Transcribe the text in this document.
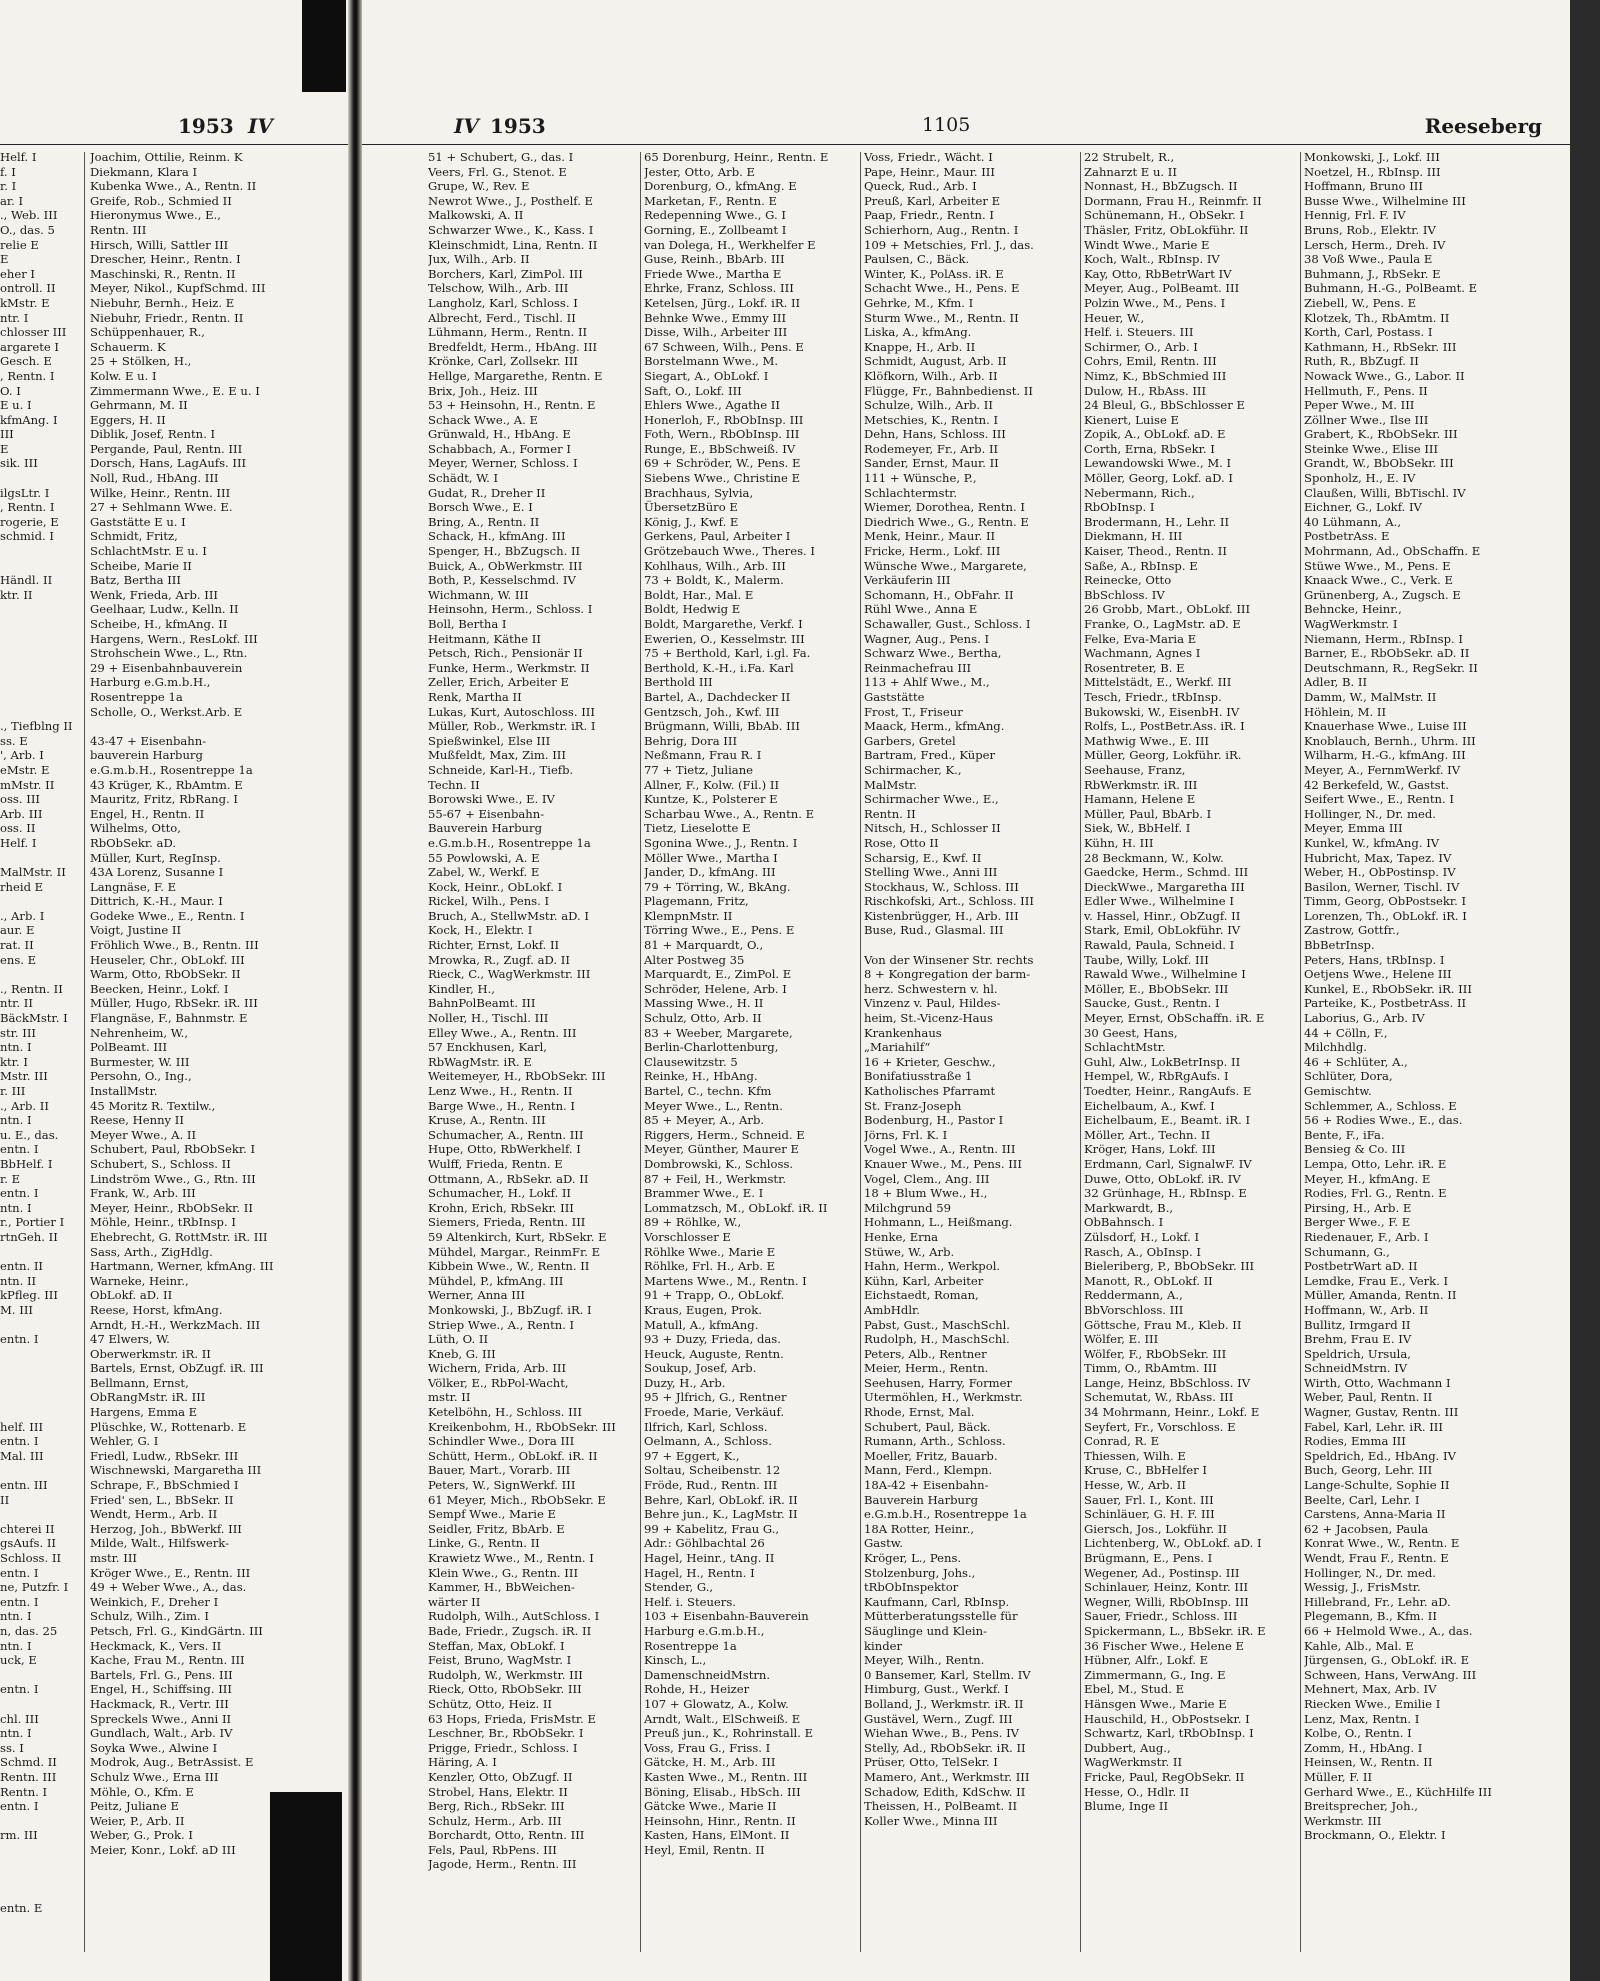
1953 IV
Helf. I
f. I
r. I
ar. I
., Web. III
O., das. 5
relie E
E
eher I
ontroll. II
kMstr. E
ntr. I
chlosser III
argarete I
Gesch. E
, Rentn. I
O. I
E u. I
kfmAng. I
III
E
sik. III
ilgsLtr. I
, Rentn. I
rogerie, E
schmid. I
Händl. II
ktr. II
., Tiefblng II
ss. E
', Arb. I
eMstr. E
mMstr. II
oss. III
Arb. III
oss. II
Helf. I
MalMstr. II
rheid E
., Arb. I
aur. E
rat. II
ens. E
., Rentn. II
ntr. II
BäckMstr. I
str. III
ntn. I
ktr. I
Mstr. III
r. III
., Arb. II
ntn. I
u. E., das.
entn. I
BbHelf. I
r. E
entn. I
ntn. I
r., Portier I
rtnGeh. II
entn. II
ntn. II
kPfleg. III
M. III
entn. I
helf. III
entn. I
Mal. III
entn. III
II
chterei II
gsAufs. II
Schloss. II
entn. I
ne, Putzfr. I
entn. I
ntn. I
n, das. 25
ntn. I
uck, E
entn. I
chl. III
ntn. I
ss. I
Schmd. II
Rentn. III
Rentn. I
entn. I
rm. III
entn. E
Joachim, Ottilie, Reinm. K
Diekmann, Klara I
Kubenka Wwe., A., Rentn. II
Greife, Rob., Schmied II
Hieronymus Wwe., E.,
Rentn. III
Hirsch, Willi, Sattler III
Drescher, Heinr., Rentn. I
Maschinski, R., Rentn. II
Meyer, Nikol., KupfSchmd. III
Niebuhr, Bernh., Heiz. E
Niebuhr, Friedr., Rentn. II
Schüppenhauer, R.,
Schauerm. K
25 + Stölken, H.,
Kolw. E u. I
Zimmermann Wwe., E. E u. I
Gehrmann, M. II
Eggers, H. II
Diblik, Josef, Rentn. I
Pergande, Paul, Rentn. III
Dorsch, Hans, LagAufs. III
Noll, Rud., HbAng. III
Wilke, Heinr., Rentn. III
27 + Sehlmann Wwe. E.
Gaststätte E u. I
Schmidt, Fritz,
SchlachtMstr. E u. I
Scheibe, Marie II
Batz, Bertha III
Wenk, Frieda, Arb. III
Geelhaar, Ludw., Kelln. II
Scheibe, H., kfmAng. II
Hargens, Wern., ResLokf. III
Strohschein Wwe., L., Rtn.
29 + Eisenbahnbauverein
Harburg e.G.m.b.H.,
Rosentreppe 1a
Scholle, O., Werkst.Arb. E
43-47 + Eisenbahn-
bauverein Harburg
e.G.m.b.H., Rosentreppe 1a
43 Krüger, K., RbAmtm. E
Mauritz, Fritz, RbRang. I
Engel, H., Rentn. II
Wilhelms, Otto,
RbObSekr. aD.
Müller, Kurt, RegInsp.
43A Lorenz, Susanne I
Langnäse, F. E
Dittrich, K.-H., Maur. I
Godeke Wwe., E., Rentn. I
Voigt, Justine II
Fröhlich Wwe., B., Rentn. III
Heuseler, Chr., ObLokf. III
Warm, Otto, RbObSekr. II
Beecken, Heinr., Lokf. I
Müller, Hugo, RbSekr. iR. III
Flangnäse, F., Bahnmstr. E
Nehrenheim, W.,
PolBeamt. III
Burmester, W. III
Persohn, O., Ing.,
InstallMstr.
45 Moritz R. Textilw.,
Reese, Henny II
Meyer Wwe., A. II
Schubert, Paul, RbObSekr. I
Schubert, S., Schloss. II
Lindström Wwe., G., Rtn. III
Frank, W., Arb. III
Meyer, Heinr., RbObSekr. II
Möhle, Heinr., tRbInsp. I
Ehebrecht, G. RottMstr. iR. III
Sass, Arth., ZigHdlg.
Hartmann, Werner, kfmAng. III
Warneke, Heinr.,
ObLokf. aD. II
Reese, Horst, kfmAng.
Arndt, H.-H., WerkzMach. III
47 Elwers, W.
Oberwerkmstr. iR. II
Bartels, Ernst, ObZugf. iR. III
Bellmann, Ernst,
ObRangMstr. iR. III
Hargens, Emma E
Plüschke, W., Rottenarb. E
Wehler, G. I
Friedl, Ludw., RbSekr. III
Wischnewski, Margaretha III
Schrape, F., BbSchmied I
Fried' sen, L., BbSekr. II
Wendt, Herm., Arb. II
Herzog, Joh., BbWerkf. III
Milde, Walt., Hilfswerk-
mstr. III
Kröger Wwe., E., Rentn. III
49 + Weber Wwe., A., das.
Weinkich, F., Dreher I
Schulz, Wilh., Zim. I
Petsch, Frl. G., KindGärtn. III
Heckmack, K., Vers. II
Kache, Frau M., Rentn. III
Bartels, Frl. G., Pens. III
Engel, H., Schiffsing. III
Hackmack, R., Vertr. III
Spreckels Wwe., Anni II
Gundlach, Walt., Arb. IV
Soyka Wwe., Alwine I
Modrok, Aug., BetrAssist. E
Schulz Wwe., Erna III
Möhle, O., Kfm. E
Peitz, Juliane E
Weier, P., Arb. II
Weber, G., Prok. I
Meier, Konr., Lokf. aD III
IV 1953	1105	Reeseberg
51 + Schubert, G., das. I
Veers, Frl. G., Stenot. E
Grupe, W., Rev. E
Newrot Wwe., J., Posthelf. E
Malkowski, A. II
Schwarzer Wwe., K., Kass. I
Kleinschmidt, Lina, Rentn. II
Jux, Wilh., Arb. II
Borchers, Karl, ZimPol. III
Telschow, Wilh., Arb. III
Langholz, Karl, Schloss. I
Albrecht, Ferd., Tischl. II
Lühmann, Herm., Rentn. II
Bredfeldt, Herm., HbAng. III
Krönke, Carl, Zollsekr. III
Hellge, Margarethe, Rentn. E
Brix, Joh., Heiz. III
53 + Heinsohn, H., Rentn. E
Schack Wwe., A. E
Grünwald, H., HbAng. E
Schabbach, A., Former I
Meyer, Werner, Schloss. I
Schädt, W. I
Gudat, R., Dreher II
Borsch Wwe., E. I
Bring, A., Rentn. II
Schack, H., kfmAng. III
Spenger, H., BbZugsch. II
Buick, A., ObWerkmstr. III
Both, P., Kesselschmd. IV
Wichmann, W. III
Heinsohn, Herm., Schloss. I
Boll, Bertha I
Heitmann, Käthe II
Petsch, Rich., Pensionär II
Funke, Herm., Werkmstr. II
Zeller, Erich, Arbeiter E
Renk, Martha II
Lukas, Kurt, Autoschloss. III
Müller, Rob., Werkmstr. iR. I
Spießwinkel, Else III
Mußfeldt, Max, Zim. III
Schneide, Karl-H., Tiefb.
Techn. II
Borowski Wwe., E. IV
55-67 + Eisenbahn-
Bauverein Harburg
e.G.m.b.H., Rosentreppe 1a
55 Powlowski, A. E
Zabel, W., Werkf. E
Kock, Heinr., ObLokf. I
Rickel, Wilh., Pens. I
Bruch, A., StellwMstr. aD. I
Kock, H., Elektr. I
Richter, Ernst, Lokf. II
Mrowka, R., Zugf. aD. II
Rieck, C., WagWerkmstr. III
Kindler, H.,
BahnPolBeamt. III
Noller, H., Tischl. III
Elley Wwe., A., Rentn. III
57 Enckhusen, Karl,
RbWagMstr. iR. E
Weitemeyer, H., RbObSekr. III
Lenz Wwe., H., Rentn. II
Barge Wwe., H., Rentn. I
Kruse, A., Rentn. III
Schumacher, A., Rentn. III
Hupe, Otto, RbWerkhelf. I
Wulff, Frieda, Rentn. E
Ottmann, A., RbSekr. aD. II
Schumacher, H., Lokf. II
Krohn, Erich, RbSekr. III
Siemers, Frieda, Rentn. III
59 Altenkirch, Kurt, RbSekr. E
Mühdel, Margar., ReinmFr. E
Kibbein Wwe., W., Rentn. II
Mühdel, P., kfmAng. III
Werner, Anna III
Monkowski, J., BbZugf. iR. I
Striep Wwe., A., Rentn. I
Lüth, O. II
Kneb, G. III
Wichern, Frida, Arb. III
Völker, E., RbPol-Wacht,
mstr. II
Ketelböhn, H., Schloss. III
Kreikenbohm, H., RbObSekr. III
Schindler Wwe., Dora III
Schütt, Herm., ObLokf. iR. II
Bauer, Mart., Vorarb. III
Peters, W., SignWerkf. III
61 Meyer, Mich., RbObSekr. E
Sempf Wwe., Marie E
Seidler, Fritz, BbArb. E
Linke, G., Rentn. II
Krawietz Wwe., M., Rentn. I
Klein Wwe., G., Rentn. III
Kammer, H., BbWeichen-
wärter II
Rudolph, Wilh., AutSchloss. I
Bade, Friedr., Zugsch. iR. II
Steffan, Max, ObLokf. I
Feist, Bruno, WagMstr. I
Rudolph, W., Werkmstr. III
Rieck, Otto, RbObSekr. III
Schütz, Otto, Heiz. II
63 Hops, Frieda, FrisMstr. E
Leschner, Br., RbObSekr. I
Prigge, Friedr., Schloss. I
Häring, A. I
Kenzler, Otto, ObZugf. II
Strobel, Hans, Elektr. II
Berg, Rich., RbSekr. III
Schulz, Herm., Arb. III
Borchardt, Otto, Rentn. III
Fels, Paul, RbPens. III
Jagode, Herm., Rentn. III
65 Dorenburg, Heinr., Rentn. E
Jester, Otto, Arb. E
Dorenburg, O., kfmAng. E
Marketan, F., Rentn. E
Redepenning Wwe., G. I
Gorning, E., Zollbeamt I
van Dolega, H., Werkhelfer E
Guse, Reinh., BbArb. III
Friede Wwe., Martha E
Ehrke, Franz, Schloss. III
Ketelsen, Jürg., Lokf. iR. II
Behnke Wwe., Emmy III
Disse, Wilh., Arbeiter III
67 Schween, Wilh., Pens. E
Borstelmann Wwe., M.
Siegart, A., ObLokf. I
Saft, O., Lokf. III
Ehlers Wwe., Agathe II
Honerloh, F., RbObInsp. III
Foth, Wern., RbObInsp. III
Runge, E., BbSchweiß. IV
69 + Schröder, W., Pens. E
Siebens Wwe., Christine E
Brachhaus, Sylvia,
ÜbersetzBüro E
König, J., Kwf. E
Gerkens, Paul, Arbeiter I
Grötzebauch Wwe., Theres. I
Kohlhaus, Wilh., Arb. III
73 + Boldt, K., Malerm.
Boldt, Har., Mal. E
Boldt, Hedwig E
Boldt, Margarethe, Verkf. I
Ewerien, O., Kesselmstr. III
75 + Berthold, Karl, i.gl. Fa.
Berthold, K.-H., i.Fa. Karl
Berthold III
Bartel, A., Dachdecker II
Gentzsch, Joh., Kwf. III
Brügmann, Willi, BbAb. III
Behrig, Dora III
Neßmann, Frau R. I
77 + Tietz, Juliane
Allner, F., Kolw. (Fil.) II
Kuntze, K., Polsterer E
Scharbau Wwe., A., Rentn. E
Tietz, Lieselotte E
Sgonina Wwe., J., Rentn. I
Möller Wwe., Martha I
Jander, D., kfmAng. III
79 + Törring, W., BkAng.
Plagemann, Fritz,
KlempnMstr. II
Törring Wwe., E., Pens. E
81 + Marquardt, O.,
Alter Postweg 35
Marquardt, E., ZimPol. E
Schröder, Helene, Arb. I
Massing Wwe., H. II
Schulz, Otto, Arb. II
83 + Weeber, Margarete,
Berlin-Charlottenburg,
Clausewitzstr. 5
Reinke, H., HbAng.
Bartel, C., techn. Kfm
Meyer Wwe., L., Rentn.
85 + Meyer, A., Arb.
Riggers, Herm., Schneid. E
Meyer, Günther, Maurer E
Dombrowski, K., Schloss.
87 + Feil, H., Werkmstr.
Brammer Wwe., E. I
Lommatzsch, M., ObLokf. iR. II
89 + Röhlke, W.,
Vorschlosser E
Röhlke Wwe., Marie E
Röhlke, Frl. H., Arb. E
Martens Wwe., M., Rentn. I
91 + Trapp, O., ObLokf.
Kraus, Eugen, Prok.
Matull, A., kfmAng.
93 + Duzy, Frieda, das.
Heuck, Auguste, Rentn.
Soukup, Josef, Arb.
Duzy, H., Arb.
95 + Jlfrich, G., Rentner
Froede, Marie, Verkäuf.
Ilfrich, Karl, Schloss.
Oelmann, A., Schloss.
97 + Eggert, K.,
Soltau, Scheibenstr. 12
Fröde, Rud., Rentn. III
Behre, Karl, ObLokf. iR. II
Behre jun., K., LagMstr. II
99 + Kabelitz, Frau G.,
Adr.: Göhlbachtal 26
Hagel, Heinr., tAng. II
Hagel, H., Rentn. I
Stender, G.,
Helf. i. Steuers.
103 + Eisenbahn-Bauverein
Harburg e.G.m.b.H.,
Rosentreppe 1a
Kinsch, L.,
DamenschneidMstrn.
Rohde, H., Heizer
107 + Glowatz, A., Kolw.
Arndt, Walt., ElSchweiß. E
Preuß jun., K., Rohrinstall. E
Voss, Frau G., Friss. I
Gätcke, H. M., Arb. III
Kasten Wwe., M., Rentn. III
Böning, Elisab., HbSch. III
Gätcke Wwe., Marie II
Heinsohn, Hinr., Rentn. II
Kasten, Hans, ElMont. II
Heyl, Emil, Rentn. II
Voss, Friedr., Wächt. I
Pape, Heinr., Maur. III
Queck, Rud., Arb. I
Preuß, Karl, Arbeiter E
Paap, Friedr., Rentn. I
Schierhorn, Aug., Rentn. I
109 + Metschies, Frl. J., das.
Paulsen, C., Bäck.
Winter, K., PolAss. iR. E
Schacht Wwe., H., Pens. E
Gehrke, M., Kfm. I
Sturm Wwe., M., Rentn. II
Liska, A., kfmAng.
Knappe, H., Arb. II
Schmidt, August, Arb. II
Klöfkorn, Wilh., Arb. II
Flügge, Fr., Bahnbedienst. II
Schulze, Wilh., Arb. II
Metschies, K., Rentn. I
Dehn, Hans, Schloss. III
Rodemeyer, Fr., Arb. II
Sander, Ernst, Maur. II
111 + Wünsche, P.,
Schlachtermstr.
Wiemer, Dorothea, Rentn. I
Diedrich Wwe., G., Rentn. E
Menk, Heinr., Maur. II
Fricke, Herm., Lokf. III
Wünsche Wwe., Margarete,
Verkäuferin III
Schomann, H., ObFahr. II
Rühl Wwe., Anna E
Schawaller, Gust., Schloss. I
Wagner, Aug., Pens. I
Schwarz Wwe., Bertha,
Reinmachefrau III
113 + Ahlf Wwe., M.,
Gaststätte
Frost, T., Friseur
Maack, Herm., kfmAng.
Garbers, Gretel
Bartram, Fred., Küper
Schirmacher, K.,
MalMstr.
Schirmacher Wwe., E.,
Rentn. II
Nitsch, H., Schlosser II
Rose, Otto II
Scharsig, E., Kwf. II
Stelling Wwe., Anni III
Stockhaus, W., Schloss. III
Rischkofski, Art., Schloss. III
Kistenbrügger, H., Arb. III
Buse, Rud., Glasmal. III
Von der Winsener Str. rechts
8 + Kongregation der barm-
herz. Schwestern v. hl.
Vinzenz v. Paul, Hildes-
heim, St.-Vicenz-Haus
Krankenhaus
„Mariahilf“
16 + Krieter, Geschw.,
Bonifatiusstraße 1
Katholisches Pfarramt
St. Franz-Joseph
Bodenburg, H., Pastor I
Jörns, Frl. K. I
Vogel Wwe., A., Rentn. III
Knauer Wwe., M., Pens. III
Vogel, Clem., Ang. III
18 + Blum Wwe., H.,
Milchgrund 59
Hohmann, L., Heißmang.
Henke, Erna
Stüwe, W., Arb.
Hahn, Herm., Werkpol.
Kühn, Karl, Arbeiter
Eichstaedt, Roman,
AmbHdlr.
Pabst, Gust., MaschSchl.
Rudolph, H., MaschSchl.
Peters, Alb., Rentner
Meier, Herm., Rentn.
Seehusen, Harry, Former
Utermöhlen, H., Werkmstr.
Rhode, Ernst, Mal.
Schubert, Paul, Bäck.
Rumann, Arth., Schloss.
Moeller, Fritz, Bauarb.
Mann, Ferd., Klempn.
18A-42 + Eisenbahn-
Bauverein Harburg
e.G.m.b.H., Rosentreppe 1a
18A Rotter, Heinr.,
Gastw.
Kröger, L., Pens.
Stolzenburg, Johs.,
tRbObInspektor
Kaufmann, Carl, RbInsp.
Mütterberatungsstelle für
Säuglinge und Klein-
kinder
Meyer, Wilh., Rentn.
0 Bansemer, Karl, Stellm. IV
Himburg, Gust., Werkf. I
Bolland, J., Werkmstr. iR. II
Gustävel, Wern., Zugf. III
Wiehan Wwe., B., Pens. IV
Stelly, Ad., RbObSekr. iR. II
Prüser, Otto, TelSekr. I
Mamero, Ant., Werkmstr. III
Schadow, Edith, KdSchw. II
Theissen, H., PolBeamt. II
Koller Wwe., Minna III
22 Strubelt, R.,
Zahnarzt E u. II
Nonnast, H., BbZugsch. II
Dormann, Frau H., Reinmfr. II
Schünemann, H., ObSekr. I
Thäsler, Fritz, ObLokführ. II
Windt Wwe., Marie E
Koch, Walt., RbInsp. IV
Kay, Otto, RbBetrWart IV
Meyer, Aug., PolBeamt. III
Polzin Wwe., M., Pens. I
Heuer, W.,
Helf. i. Steuers. III
Schirmer, O., Arb. I
Cohrs, Emil, Rentn. III
Nimz, K., BbSchmied III
Dulow, H., RbAss. III
24 Bleul, G., BbSchlosser E
Kienert, Luise E
Zopik, A., ObLokf. aD. E
Corth, Erna, RbSekr. I
Lewandowski Wwe., M. I
Möller, Georg, Lokf. aD. I
Nebermann, Rich.,
RbObInsp. I
Brodermann, H., Lehr. II
Diekmann, H. III
Kaiser, Theod., Rentn. II
Saße, A., RbInsp. E
Reinecke, Otto
BbSchloss. IV
26 Grobb, Mart., ObLokf. III
Franke, O., LagMstr. aD. E
Felke, Eva-Maria E
Wachmann, Agnes I
Rosentreter, B. E
Mittelstädt, E., Werkf. III
Tesch, Friedr., tRbInsp.
Bukowski, W., EisenbH. IV
Rolfs, L., PostBetr.Ass. iR. I
Mathwig Wwe., E. III
Müller, Georg, Lokführ. iR.
Seehause, Franz,
RbWerkmstr. iR. III
Hamann, Helene E
Müller, Paul, BbArb. I
Siek, W., BbHelf. I
Kühn, H. III
28 Beckmann, W., Kolw.
Gaedcke, Herm., Schmd. III
DieckWwe., Margaretha III
Edler Wwe., Wilhelmine I
v. Hassel, Hinr., ObZugf. II
Stark, Emil, ObLokführ. IV
Rawald, Paula, Schneid. I
Taube, Willy, Lokf. III
Rawald Wwe., Wilhelmine I
Möller, E., BbObSekr. III
Saucke, Gust., Rentn. I
Meyer, Ernst, ObSchaffn. iR. E
30 Geest, Hans,
SchlachtMstr.
Guhl, Alw., LokBetrInsp. II
Hempel, W., RbRgAufs. I
Toedter, Heinr., RangAufs. E
Eichelbaum, A., Kwf. I
Eichelbaum, E., Beamt. iR. I
Möller, Art., Techn. II
Kröger, Hans, Lokf. III
Erdmann, Carl, SignalwF. IV
Duwe, Otto, ObLokf. iR. IV
32 Grünhage, H., RbInsp. E
Markwardt, B.,
ObBahnsch. I
Zülsdorf, H., Lokf. I
Rasch, A., ObInsp. I
Bieleriberg, P., BbObSekr. III
Manott, R., ObLokf. II
Reddermann, A.,
BbVorschloss. III
Göttsche, Frau M., Kleb. II
Wölfer, E. III
Wölfer, F., RbObSekr. III
Timm, O., RbAmtm. III
Lange, Heinz, BbSchloss. IV
Schemutat, W., RbAss. III
34 Mohrmann, Heinr., Lokf. E
Seyfert, Fr., Vorschloss. E
Conrad, R. E
Thiessen, Wilh. E
Kruse, C., BbHelfer I
Hesse, W., Arb. II
Sauer, Frl. I., Kont. III
Schinläuer, G. H. F. III
Giersch, Jos., Lokführ. II
Lichtenberg, W., ObLokf. aD. I
Brügmann, E., Pens. I
Wegener, Ad., Postinsp. III
Schinlauer, Heinz, Kontr. III
Wegner, Willi, RbObInsp. III
Sauer, Friedr., Schloss. III
Spickermann, L., BbSekr. iR. E
36 Fischer Wwe., Helene E
Hübner, Alfr., Lokf. E
Zimmermann, G., Ing. E
Ebel, M., Stud. E
Hänsgen Wwe., Marie E
Hauschild, H., ObPostsekr. I
Schwartz, Karl, tRbObInsp. I
Dubbert, Aug.,
WagWerkmstr. II
Fricke, Paul, RegObSekr. II
Hesse, O., Hdlr. II
Blume, Inge II
Monkowski, J., Lokf. III
Noetzel, H., RbInsp. III
Hoffmann, Bruno III
Busse Wwe., Wilhelmine III
Hennig, Frl. F. IV
Bruns, Rob., Elektr. IV
Lersch, Herm., Dreh. IV
38 Voß Wwe., Paula E
Buhmann, J., RbSekr. E
Buhmann, H.-G., PolBeamt. E
Ziebell, W., Pens. E
Klotzek, Th., RbAmtm. II
Korth, Carl, Postass. I
Kathmann, H., RbSekr. III
Ruth, R., BbZugf. II
Nowack Wwe., G., Labor. II
Hellmuth, F., Pens. II
Peper Wwe., M. III
Zöllner Wwe., Ilse III
Grabert, K., RbObSekr. III
Steinke Wwe., Elise III
Grandt, W., BbObSekr. III
Sponholz, H., E. IV
Claußen, Willi, BbTischl. IV
Eichner, G., Lokf. IV
40 Lühmann, A.,
PostbetrAss. E
Mohrmann, Ad., ObSchaffn. E
Stüwe Wwe., M., Pens. E
Knaack Wwe., C., Verk. E
Grünenberg, A., Zugsch. E
Behncke, Heinr.,
WagWerkmstr. I
Niemann, Herm., RbInsp. I
Barner, E., RbObSekr. aD. II
Deutschmann, R., RegSekr. II
Adler, B. II
Damm, W., MalMstr. II
Höhlein, M. II
Knauerhase Wwe., Luise III
Knoblauch, Bernh., Uhrm. III
Wilharm, H.-G., kfmAng. III
Meyer, A., FernmWerkf. IV
42 Berkefeld, W., Gastst.
Seifert Wwe., E., Rentn. I
Hollinger, N., Dr. med.
Meyer, Emma III
Kunkel, W., kfmAng. IV
Hubricht, Max, Tapez. IV
Weber, H., ObPostinsp. IV
Basilon, Werner, Tischl. IV
Timm, Georg, ObPostsekr. I
Lorenzen, Th., ObLokf. iR. I
Zastrow, Gottfr.,
BbBetrInsp.
Peters, Hans, tRbInsp. I
Oetjens Wwe., Helene III
Kunkel, E., RbObSekr. iR. III
Parteike, K., PostbetrAss. II
Laborius, G., Arb. IV
44 + Cölln, F.,
Milchhdlg.
46 + Schlüter, A.,
Schlüter, Dora,
Gemischtw.
Schlemmer, A., Schloss. E
56 + Rodies Wwe., E., das.
Bente, F., iFa.
Bensieg & Co. III
Lempa, Otto, Lehr. iR. E
Meyer, H., kfmAng. E
Rodies, Frl. G., Rentn. E
Pirsing, H., Arb. E
Berger Wwe., F. E
Riedenauer, F., Arb. I
Schumann, G.,
PostbetrWart aD. II
Lemdke, Frau E., Verk. I
Müller, Amanda, Rentn. II
Hoffmann, W., Arb. II
Bullitz, Irmgard II
Brehm, Frau E. IV
Speldrich, Ursula,
SchneidMstrn. IV
Wirth, Otto, Wachmann I
Weber, Paul, Rentn. II
Wagner, Gustav, Rentn. III
Fabel, Karl, Lehr. iR. III
Rodies, Emma III
Speldrich, Ed., HbAng. IV
Buch, Georg, Lehr. III
Lange-Schulte, Sophie II
Beelte, Carl, Lehr. I
Carstens, Anna-Maria II
62 + Jacobsen, Paula
Konrat Wwe., W., Rentn. E
Wendt, Frau F., Rentn. E
Hollinger, N., Dr. med.
Wessig, J., FrisMstr.
Hillebrand, Fr., Lehr. aD.
Plegemann, B., Kfm. II
66 + Helmold Wwe., A., das.
Kahle, Alb., Mal. E
Jürgensen, G., ObLokf. iR. E
Schween, Hans, VerwAng. III
Mehnert, Max, Arb. IV
Riecken Wwe., Emilie I
Lenz, Max, Rentn. I
Kolbe, O., Rentn. I
Zomm, H., HbAng. I
Heinsen, W., Rentn. II
Müller, F. II
Gerhard Wwe., E., KüchHilfe III
Breitsprecher, Joh.,
Werkmstr. III
Brockmann, O., Elektr. I
